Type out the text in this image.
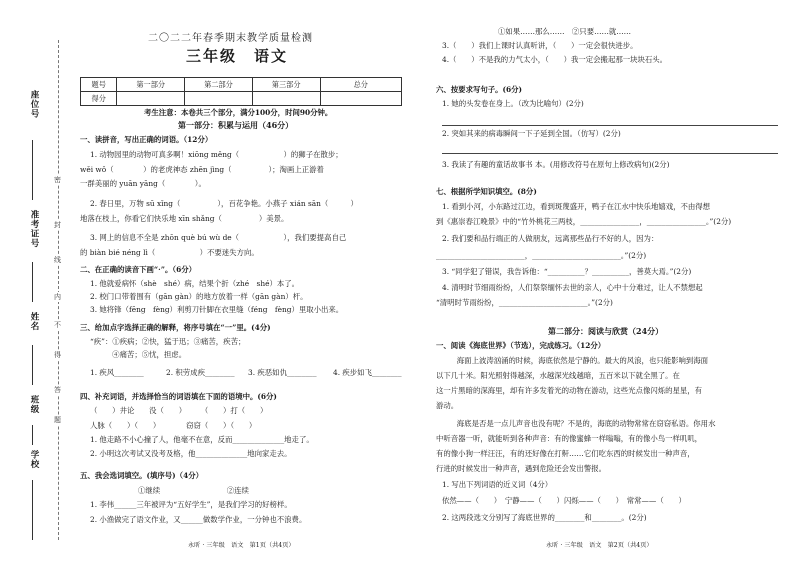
座位号
准考证号
姓名
班级
学校
密
封
线
内
不
得
答
题
二〇二二年春季期末教学质量检测
三年级　语文
题号	第一部分	第二部分	第三部分	总分
得分				
考生注意：本卷共三个部分，满分100分，时间90分钟。
第一部分：积累与运用（46分）
一、读拼音，写出正确的词语。（12分）
1. 动物园里的动物可真多啊！xiōng měng（　　　　　　）的狮子在散步；
wěi wǒ（　　　　）的老虎神态 zhēn jìng（　　　　　）；淘画上正游着
一群美丽的 yuān yāng（　　　　）。
2. 春日里，万物 sū xǐng（　　　　　），百花争艳。小燕子 xián sān（　　　）
地落在枝上，你看它们快乐地 xīn shǎng（　　　　　）美景。
3. 网上的信息不全是 zhōn què bú wù de（　　　　　　），我们要提高自己
的 biàn bié néng lì（　　　　　　）不要迷失方向。
二、在正确的读音下画“·”。（6分）
1. 他就爱病怀（shè　shé）病，结果个折（zhé　shé）本了。
2. 校门口带着围有（gān gàn）的地方放着一样（gān gàn）杆。
3. 她将锋（fēng　fèng）利剪刀针脚在衣里缝（féng　fèng）里取小出来。
三、给加点字选择正确的解释，将序号填在“一”里。(4分)
“疾”：①疾病；②快，猛于迅；③痛苦，疾苦；
　　　④痛苦；⑤忧，担虑。
1. 疾风________	2. 积劳成疾________ 3. 疾恶如仇________ 4. 疾步如飞________
四、补充词语，并选择恰当的词语填在下面的语境中。(6分)
（　　）井论　　没（　　）　　　（　　）打（　　）
人脉（　　）（　　）　　　　窃窃（　　）（　　）
1. 他走路不小心撞了人，他毫不在意，反而______________地走了。
2. 小明这次考试又没考及格，他______________地向家走去。
五、我会选词填空。(填序号)（4分）
①继续　　　　　　　　　②连续
1. 李伟______三年被评为“五好学生”，是我们学习的好榜样。
2. 小渔做完了语文作业，又______做数学作业，一分钟也不浪费。
永昕 · 三年级　语文　第1页（共4页）
①如果……那么……　②只要……就……
3.（　　）我们上课时认真听讲，（　　）一定会很快进步。
4.（　　）不是我的力气太小，（　　）我一定会搬起那一块块石头。
六、按要求写句子。(6分)
1. 她的头发卷在身上。（改为比喻句）(2分)
2. 突如其来的病毒瞬间一下子延到全国。（仿写）(2分)
3. 我读了有趣的童话故事书 本。(用修改符号在原句上修改病句)(2分)
七、根据所学知识填空。(8分)
1. 看到小河，小东路过江边，看到斑蔑盛开，鸭子在江水中快乐地嬉戏，不由得想
到《惠崇春江晚景》中的“竹外桃花三两枝，________________，________________。”(2分)
2. 我们要和品行端正的人做朋友，远离那些品行不好的人，因为：
________________________，________________________。”(2分)
3. “同学犯了错误，我告诉他：“__________？__________，善莫大焉。”(2分)
4. 清明时节细雨纷纷，人们祭祭缅怀去世的亲人，心中十分难过，让人不禁想起
“清明时节雨纷纷，________________________。”(2分)
第二部分：阅读与欣赏（24分）
一、阅读《海底世界》（节选），完成练习。（12分）
　　海面上波涛汹涌的时候，海底依然是宁静的。最大的风浪，也只能影响到海面
以下几十米。阳光照射得越深，水越深光线越暗，五百米以下就全黑了。在
这一片黑暗的深海里，却有许多发着光的动物在游动，这些光点像闪烁的星星，有
游动。
　　海底是否是一点儿声音也没有呢？不是的，海底的动物常常在窃窃私语。你用水
中听音器一听，就能听到各种声音：有的像蜜蜂一样嗡嗡，有的像小鸟一样叽叽，
有的像小狗一样汪汪，有的还好像在打鼾……它们吃东西的时候发出一种声音，
行进的时候发出一种声音，遇到危险还会发出警报。
1. 写出下列词语的近义词（4分）
依然——（　　）　宁静——（　　）闪烁——（　　）　常常——（　　）
2. 这两段选文分别写了海底世界的________和________。(2分)
永昕 · 三年级　语文　第2页（共4页）
